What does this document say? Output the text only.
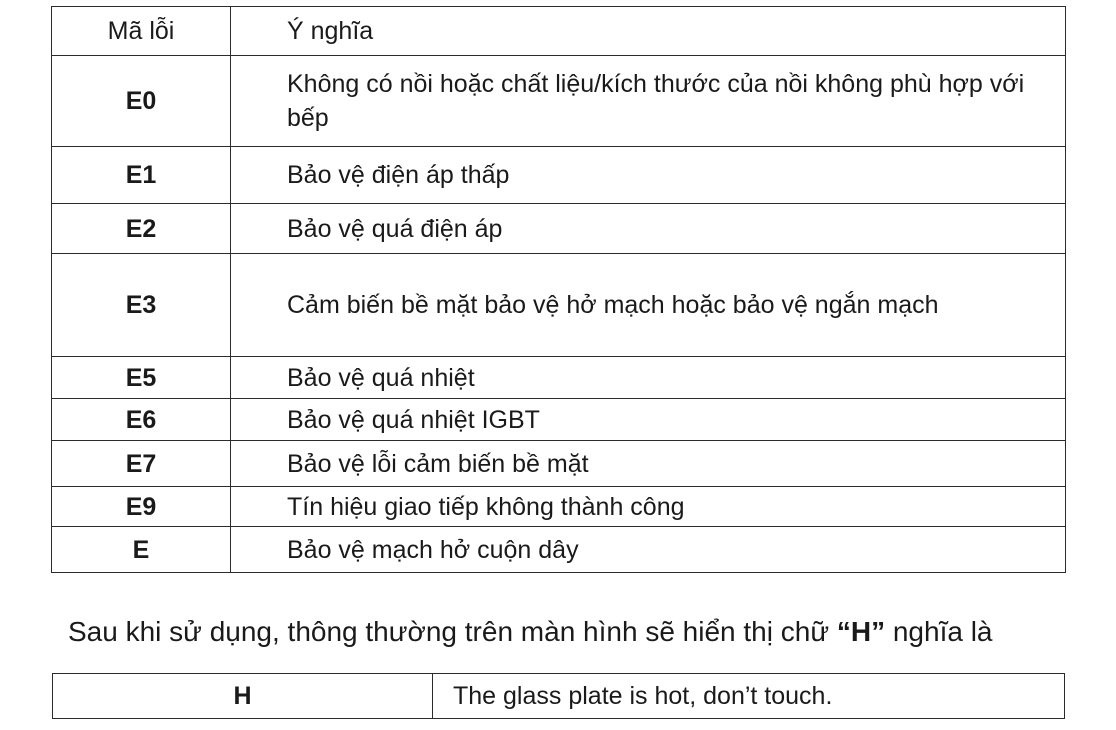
Mã lỗi	Ý nghĩa
E0	Không có nồi hoặc chất liệu/kích thước của nồi không phù hợp với bếp
E1	Bảo vệ điện áp thấp
E2	Bảo vệ quá điện áp
E3	Cảm biến bề mặt bảo vệ hở mạch hoặc bảo vệ ngắn mạch
E5	Bảo vệ quá nhiệt
E6	Bảo vệ quá nhiệt IGBT
E7	Bảo vệ lỗi cảm biến bề mặt
E9	Tín hiệu giao tiếp không thành công
E	Bảo vệ mạch hở cuộn dây
Sau khi sử dụng, thông thường trên màn hình sẽ hiển thị chữ “H” nghĩa là
H	The glass plate is hot, don’t touch.
